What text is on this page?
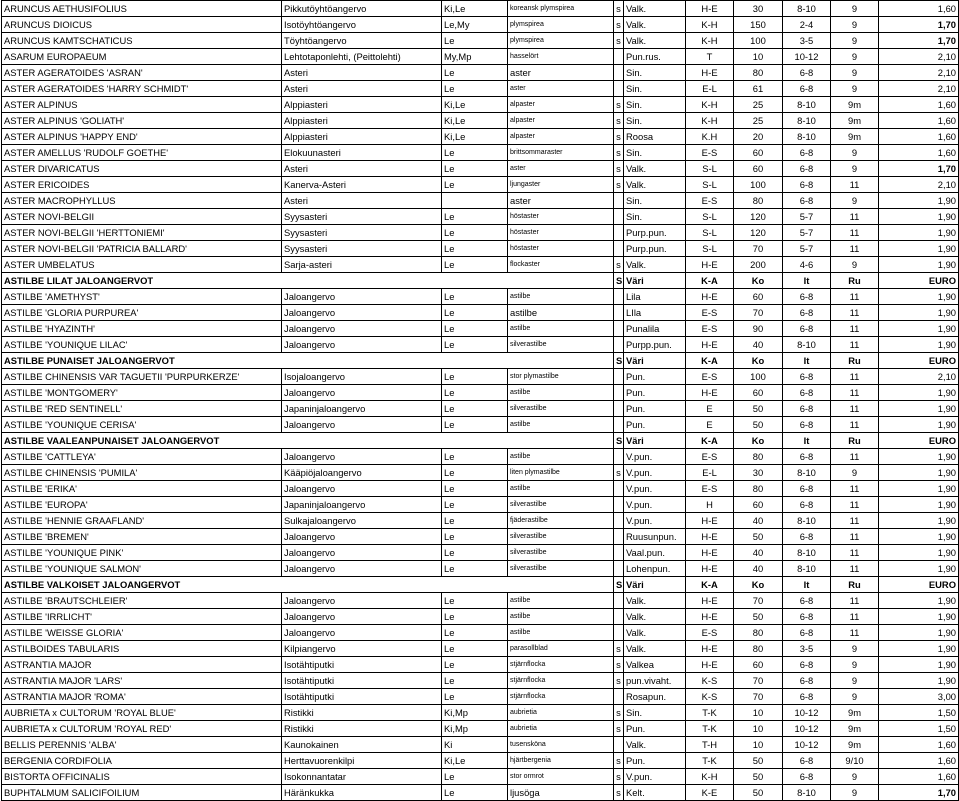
ARUNCUS AETHUSIFOLIUS	Pikkutöyhtöangervo	Ki,Le	koreansk plymspirea	s	Valk.	H-E	30	8-10	9	1,60
ARUNCUS DIOICUS	Isotöyhtöangervo	Le,My	plymspirea	s	Valk.	K-H	150	2-4	9	1,70
ARUNCUS KAMTSCHATICUS	Töyhtöangervo	Le	plymspirea	s	Valk.	K-H	100	3-5	9	1,70
ASARUM EUROPAEUM	Lehtotaponlehti, (Peittolehti)	My,Mp	hasselört		Pun.rus.	T	10	10-12	9	2,10
ASTER AGERATOIDES 'ASRAN'	Asteri	Le	aster		Sin.	H-E	80	6-8	9	2,10
ASTER AGERATOIDES 'HARRY SCHMIDT'	Asteri	Le	aster		Sin.	E-L	61	6-8	9	2,10
ASTER ALPINUS	Alppiasteri	Ki,Le	alpaster	s	Sin.	K-H	25	8-10	9m	1,60
ASTER ALPINUS 'GOLIATH'	Alppiasteri	Ki,Le	alpaster	s	Sin.	K-H	25	8-10	9m	1,60
ASTER ALPINUS 'HAPPY END'	Alppiasteri	Ki,Le	alpaster	s	Roosa	K.H	20	8-10	9m	1,60
ASTER AMELLUS 'RUDOLF GOETHE'	Elokuunasteri	Le	brittsommaraster	s	Sin.	E-S	60	6-8	9	1,60
ASTER DIVARICATUS	Asteri	Le	aster	s	Valk.	S-L	60	6-8	9	1,70
ASTER ERICOIDES	Kanerva-Asteri	Le	ljungaster	s	Valk.	S-L	100	6-8	11	2,10
ASTER MACROPHYLLUS	Asteri		aster		Sin.	E-S	80	6-8	9	1,90
ASTER NOVI-BELGII	Syysasteri	Le	höstaster		Sin.	S-L	120	5-7	11	1,90
ASTER NOVI-BELGII 'HERTTONIEMI'	Syysasteri	Le	höstaster		Purp.pun.	S-L	120	5-7	11	1,90
ASTER NOVI-BELGII 'PATRICIA BALLARD'	Syysasteri	Le	höstaster		Purp.pun.	S-L	70	5-7	11	1,90
ASTER UMBELATUS	Sarja-asteri	Le	flockaster	s	Valk.	H-E	200	4-6	9	1,90
ASTILBE LILAT JALOANGERVOT				S	Väri	K-A	Ko	It	Ru	EURO
ASTILBE 'AMETHYST'	Jaloangervo	Le	astilbe		Lila	H-E	60	6-8	11	1,90
ASTILBE 'GLORIA PURPUREA'	Jaloangervo	Le	astilbe		LIla	E-S	70	6-8	11	1,90
ASTILBE 'HYAZINTH'	Jaloangervo	Le	astilbe		Punalila	E-S	90	6-8	11	1,90
ASTILBE 'YOUNIQUE LILAC'	Jaloangervo	Le	silverastilbe		Purpp.pun.	H-E	40	8-10	11	1,90
ASTILBE PUNAISET JALOANGERVOT				S	Väri	K-A	Ko	It	Ru	EURO
ASTILBE CHINENSIS VAR TAGUETII 'PURPURKERZE'	Isojaloangervo	Le	stor plymastilbe		Pun.	E-S	100	6-8	11	2,10
ASTILBE 'MONTGOMERY'	Jaloangervo	Le	astilbe		Pun.	H-E	60	6-8	11	1,90
ASTILBE 'RED SENTINELL'	Japaninjaloangervo	Le	silverastilbe		Pun.	E	50	6-8	11	1,90
ASTILBE 'YOUNIQUE CERISA'	Jaloangervo	Le	astilbe		Pun.	E	50	6-8	11	1,90
ASTILBE VAALEANPUNAISET JALOANGERVOT				S	Väri	K-A	Ko	It	Ru	EURO
ASTILBE 'CATTLEYA'	Jaloangervo	Le	astilbe		V.pun.	E-S	80	6-8	11	1,90
ASTILBE CHINENSIS 'PUMILA'	Kääpiöjaloangervo	Le	liten plymastilbe	s	V.pun.	E-L	30	8-10	9	1,90
ASTILBE 'ERIKA'	Jaloangervo	Le	astilbe		V.pun.	E-S	80	6-8	11	1,90
ASTILBE 'EUROPA'	Japaninjaloangervo	Le	silverastilbe		V.pun.	H	60	6-8	11	1,90
ASTILBE 'HENNIE GRAAFLAND'	Sulkajaloangervo	Le	fjäderastilbe		V.pun.	H-E	40	8-10	11	1,90
ASTILBE 'BREMEN'	Jaloangervo	Le	silverastilbe		Ruusunpun.	H-E	50	6-8	11	1,90
ASTILBE 'YOUNIQUE PINK'	Jaloangervo	Le	silverastilbe		Vaal.pun.	H-E	40	8-10	11	1,90
ASTILBE 'YOUNIQUE SALMON'	Jaloangervo	Le	silverastilbe		Lohenpun.	H-E	40	8-10	11	1,90
ASTILBE VALKOISET JALOANGERVOT				S	Väri	K-A	Ko	It	Ru	EURO
ASTILBE 'BRAUTSCHLEIER'	Jaloangervo	Le	astilbe		Valk.	H-E	70	6-8	11	1,90
ASTILBE 'IRRLICHT'	Jaloangervo	Le	astilbe		Valk.	H-E	50	6-8	11	1,90
ASTILBE 'WEISSE GLORIA'	Jaloangervo	Le	astilbe		Valk.	E-S	80	6-8	11	1,90
ASTILBOIDES TABULARIS	Kilpiangervo	Le	parasollblad	s	Valk.	H-E	80	3-5	9	1,90
ASTRANTIA MAJOR	Isotähtiputki	Le	stjärnflocka	s	Valkea	H-E	60	6-8	9	1,90
ASTRANTIA MAJOR 'LARS'	Isotähtiputki	Le	stjärnflocka	s	pun.vivaht.	K-S	70	6-8	9	1,90
ASTRANTIA MAJOR 'ROMA'	Isotähtiputki	Le	stjärnflocka		Rosapun.	K-S	70	6-8	9	3,00
AUBRIETA x CULTORUM 'ROYAL BLUE'	Ristikki	Ki,Mp	aubrietia	s	Sin.	T-K	10	10-12	9m	1,50
AUBRIETA x CULTORUM 'ROYAL RED'	Ristikki	Ki,Mp	aubrietia	s	Pun.	T-K	10	10-12	9m	1,50
BELLIS PERENNIS 'ALBA'	Kaunokainen	Ki	tusensköna		Valk.	T-H	10	10-12	9m	1,60
BERGENIA CORDIFOLIA	Herttavuorenkilpi	Ki,Le	hjärtbergenia	s	Pun.	T-K	50	6-8	9/10	1,60
BISTORTA OFFICINALIS	Isokonnantatar	Le	stor ormrot	s	V.pun.	K-H	50	6-8	9	1,60
BUPHTALMUM SALICIFOILIUM	Häränkukka	Le	ljusöga	s	Kelt.	K-E	50	8-10	9	1,70
